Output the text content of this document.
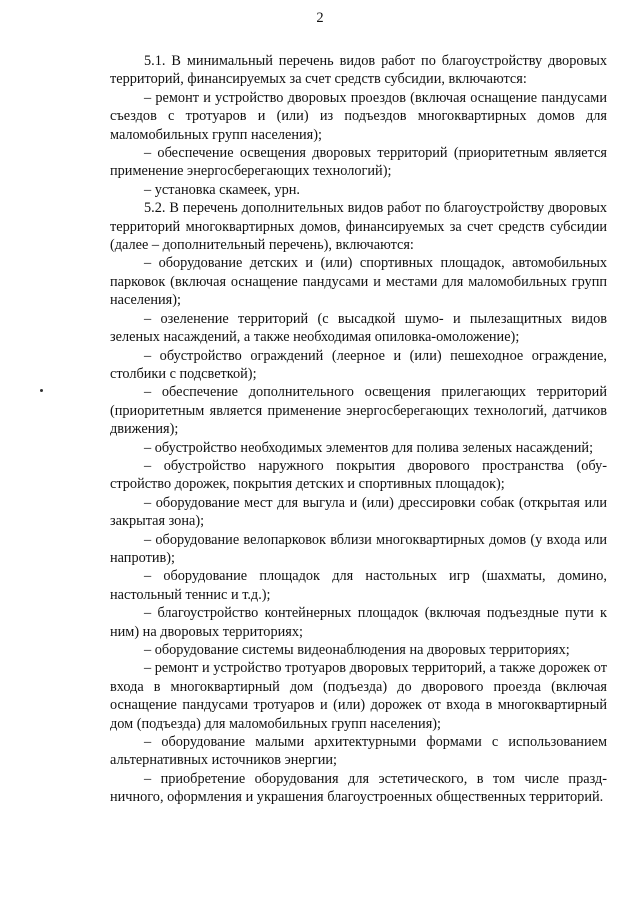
2

5.1. В минимальный перечень видов работ по благоустройству дворовых территорий, финансируемых за счет средств субсидии, включаются:

– ремонт и устройство дворовых проездов (включая оснащение пандусами съездов с тротуаров и (или) из подъездов многоквартирных домов для маломобильных групп населения);

– обеспечение освещения дворовых территорий (приоритетным является применение энергосберегающих технологий);

– установка скамеек, урн.

5.2. В перечень дополнительных видов работ по благоустройству дворовых территорий многоквартирных домов, финансируемых за счет средств субсидии (далее – дополнительный перечень), включаются:

– оборудование детских и (или) спортивных площадок, автомобильных парковок (включая оснащение пандусами и местами для маломобильных групп населения);

– озеленение территорий (с высадкой шумо- и пылезащитных видов зеленых насаждений, а также необходимая опиловка-омоложение);

– обустройство ограждений (леерное и (или) пешеходное ограждение, столбики с подсветкой);

– обеспечение дополнительного освещения прилегающих территорий (приоритетным является применение энергосберегающих технологий, датчиков движения);

– обустройство необходимых элементов для полива зеленых насаждений;

– обустройство наружного покрытия дворового пространства (обустройство дорожек, покрытия детских и спортивных площадок);

– оборудование мест для выгула и (или) дрессировки собак (открытая или закрытая зона);

– оборудование велопарковок вблизи многоквартирных домов (у входа или напротив);

– оборудование площадок для настольных игр (шахматы, домино, настольный теннис и т.д.);

– благоустройство контейнерных площадок (включая подъездные пути к ним) на дворовых территориях;

– оборудование системы видеонаблюдения на дворовых территориях;

– ремонт и устройство тротуаров дворовых территорий, а также дорожек от входа в многоквартирный дом (подъезда) до дворового проезда (включая оснащение пандусами тротуаров и (или) дорожек от входа в многоквартирный дом (подъезда) для маломобильных групп населения);

– оборудование малыми архитектурными формами с использованием альтернативных источников энергии;

– приобретение оборудования для эстетического, в том числе праздничного, оформления и украшения благоустроенных общественных территорий.
